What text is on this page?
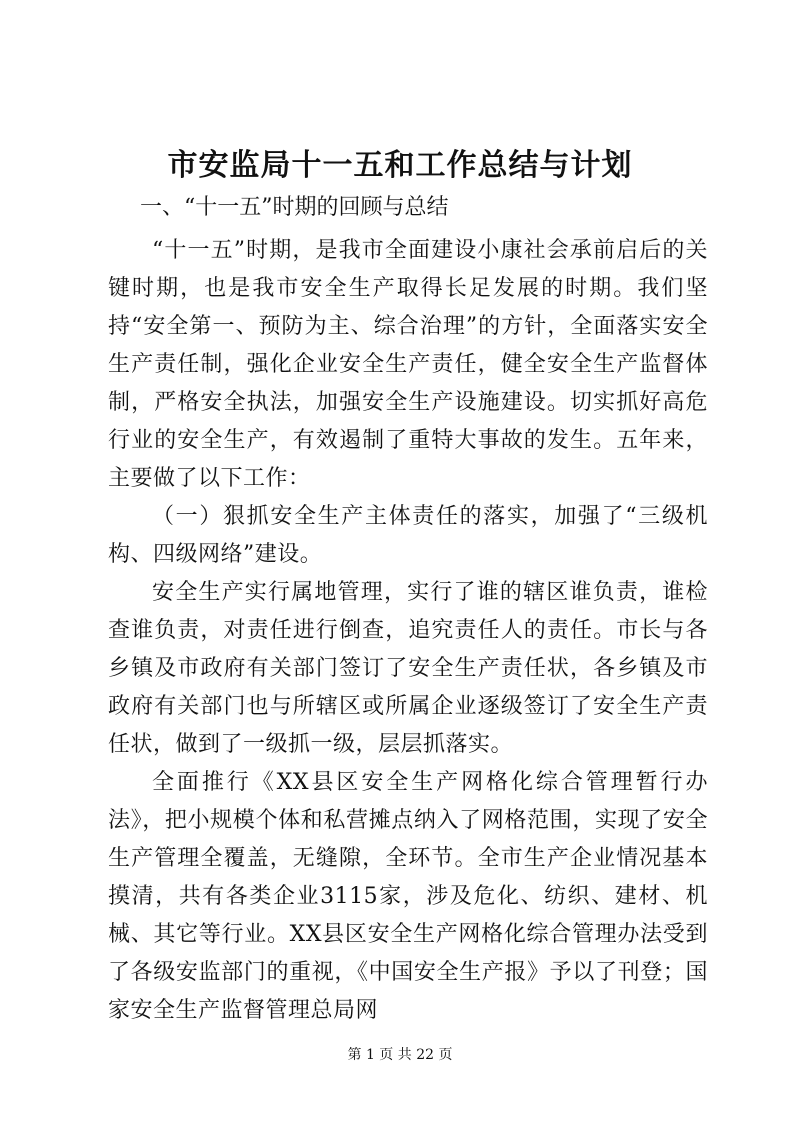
市安监局十一五和工作总结与计划

一、“十一五”时期的回顾与总结

“十一五”时期，是我市全面建设小康社会承前启后的关键时期，也是我市安全生产取得长足发展的时期。我们坚持“安全第一、预防为主、综合治理”的方针，全面落实安全生产责任制，强化企业安全生产责任，健全安全生产监督体制，严格安全执法，加强安全生产设施建设。切实抓好高危行业的安全生产，有效遏制了重特大事故的发生。五年来，主要做了以下工作：

（一）狠抓安全生产主体责任的落实，加强了“三级机构、四级网络”建设。

安全生产实行属地管理，实行了谁的辖区谁负责，谁检查谁负责，对责任进行倒查，追究责任人的责任。市长与各乡镇及市政府有关部门签订了安全生产责任状，各乡镇及市政府有关部门也与所辖区或所属企业逐级签订了安全生产责任状，做到了一级抓一级，层层抓落实。

全面推行《XX县区安全生产网格化综合管理暂行办法》，把小规模个体和私营摊点纳入了网格范围，实现了安全生产管理全覆盖，无缝隙，全环节。全市生产企业情况基本摸清，共有各类企业3115家，涉及危化、纺织、建材、机械、其它等行业。XX县区安全生产网格化综合管理办法受到了各级安监部门的重视，《中国安全生产报》予以了刊登；国家安全生产监督管理总局网

第 1 页 共 22 页
